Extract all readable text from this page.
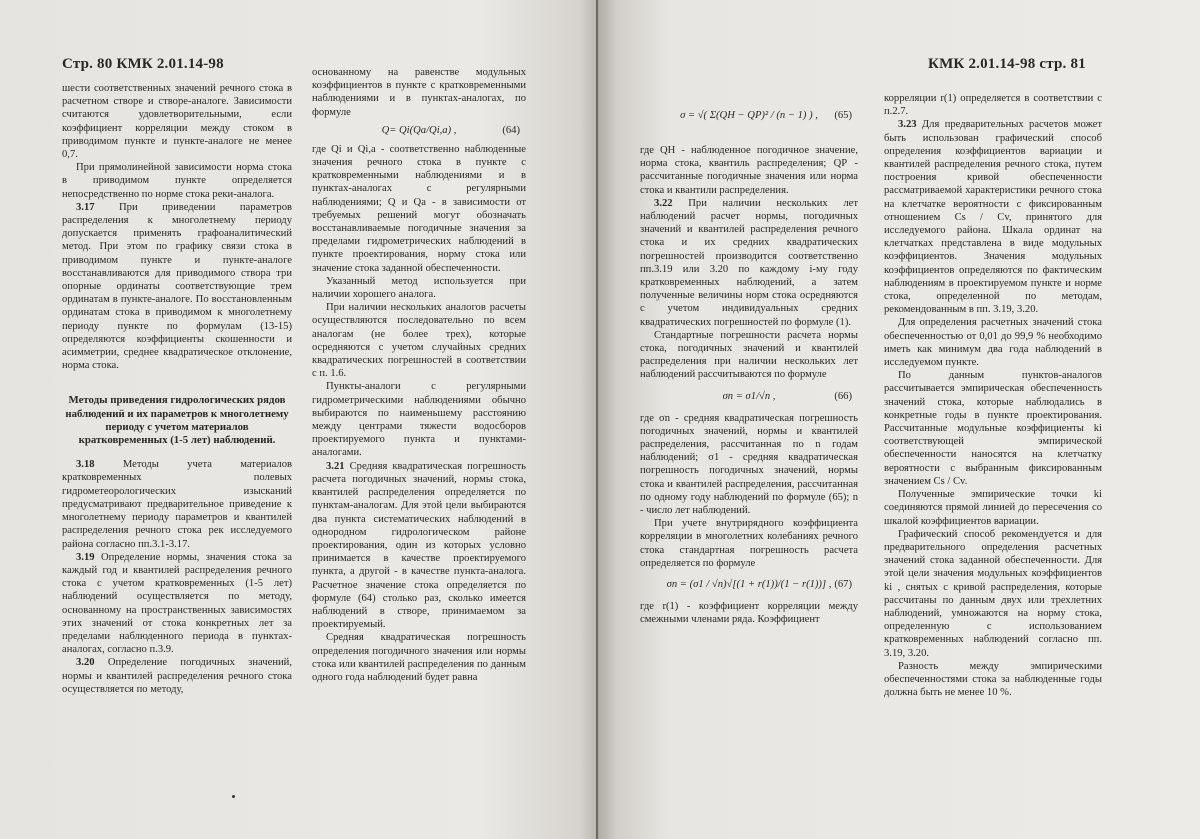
Стр. 80 КМК 2.01.14-98

шести соответственных значений речного стока в расчетном створе и створе-аналоге. Зависимости считаются удовлетворительными, если коэффициент корреляции между стоком в приводимом пункте и пункте-аналоге не менее 0,7.

При прямолинейной зависимости норма стока в приводимом пункте определяется непосредственно по норме стока реки-аналога.

3.17 При приведении параметров распределения к многолетнему периоду допускается применять графоаналитический метод. При этом по графику связи стока в приводимом пункте и пункте-аналоге восстанавливаются для приводимого створа три опорные ординаты соответствующие трем ординатам в пункте-аналоге. По восстановленным ординатам стока в приводимом к многолетнему периоду пункте по формулам (13-15) определяются коэффициенты скошенности и асимметрии, среднее квадратическое отклонение, норма стока.

Методы приведения гидрологических рядов наблюдений и их параметров к многолетнему периоду с учетом материалов кратковременных (1-5 лет) наблюдений.

3.18 Методы учета материалов кратковременных полевых гидрометеорологических изысканий предусматривают предварительное приведение к многолетнему периоду параметров и квантилей распределения речного стока рек исследуемого района согласно пп.3.1-3.17.

3.19 Определение нормы, значения стока за каждый год и квантилей распределения речного стока с учетом кратковременных (1-5 лет) наблюдений осуществляется по методу, основанному на пространственных зависимостях этих значений от стока конкретных лет за пределами наблюденного периода в пунктах-аналогах, согласно п.3.9.

3.20 Определение погодичных значений, нормы и квантилей распределения речного стока осуществляется по методу,

основанному на равенстве модульных коэффициентов в пункте с кратковременными наблюдениями и в пунктах-аналогах, по формуле

Q= Qi(Qa/Qi,a) ,	(64)

где Qi и Qi,a - соответственно наблюденные значения речного стока в пункте с кратковременными наблюдениями и в пунктах-аналогах с регулярными наблюдениями; Q и Qa - в зависимости от требуемых решений могут обозначать восстанавливаемые погодичные значения за пределами гидрометрических наблюдений в пункте проектирования, норму стока или значение стока заданной обеспеченности.

Указанный метод используется при наличии хорошего аналога.

При наличии нескольких аналогов расчеты осуществляются последовательно по всем аналогам (не более трех), которые осредняются с учетом случайных средних квадратических погрешностей в соответствии с п. 1.6.

Пункты-аналоги с регулярными гидрометрическими наблюдениями обычно выбираются по наименьшему расстоянию между центрами тяжести водосборов проектируемого пункта и пунктами-аналогами.

3.21 Средняя квадратическая погрешность расчета погодичных значений, нормы стока, квантилей распределения определяется по пунктам-аналогам. Для этой цели выбираются два пункта систематических наблюдений в однородном гидрологическом районе проектирования, один из которых условно принимается в качестве проектируемого пункта, а другой - в качестве пункта-аналога. Расчетное значение стока определяется по формуле (64) столько раз, сколько имеется наблюдений в створе, принимаемом за проектируемый.

Средняя квадратическая погрешность определения погодичного значения или нормы стока или квантилей распределения по данным одного года наблюдений будет равна

КМК 2.01.14-98 стр. 81
σ = √( Σ(QН − QР)² / (n − 1) ) , (65)

где QН - наблюденное погодичное значение, норма стока, квантиль распределения; QР - рассчитанные погодичные значения или норма стока и квантили распределения.

3.22 При наличии нескольких лет наблюдений расчет нормы, погодичных значений и квантилей распределения речного стока и их средних квадратических погрешностей производится соответственно пп.3.19 или 3.20 по каждому i-му году кратковременных наблюдений, а затем полученные величины норм стока осредняются с учетом индивидуальных средних квадратических погрешностей по формуле (1).

Стандартные погрешности расчета нормы стока, погодичных значений и квантилей распределения при наличии нескольких лет наблюдений рассчитываются по формуле

σn = σ1/√n ,	(66)

где σn - средняя квадратическая погрешность погодичных значений, нормы и квантилей распределения, рассчитанная по n годам наблюдений; σ1 - средняя квадратическая погрешность погодичных значений, нормы стока и квантилей распределения, рассчитанная по одному году наблюдений по формуле (65); n - число лет наблюдений.

При учете внутрирядного коэффициента корреляции в многолетних колебаниях речного стока стандартная погрешность расчета определяется по формуле

σn = (σ1 / √n)√[(1 + r(1))/(1 − r(1))] , (67)

где r(1) - коэффициент корреляции между смежными членами ряда. Коэффициент

корреляции r(1) определяется в соответствии с п.2.7.

3.23 Для предварительных расчетов может быть использован графический способ определения коэффициентов вариации и квантилей распределения речного стока, путем построения кривой обеспеченности рассматриваемой характеристики речного стока на клетчатке вероятности с фиксированным отношением Cs / Cv, принятого для исследуемого района. Шкала ординат на клетчатках представлена в виде модульных коэффициентов. Значения модульных коэффициентов определяются по фактическим наблюдениям в проектируемом пункте и норме стока, определенной по методам, рекомендованным в пп. 3.19, 3.20.

Для определения расчетных значений стока обеспеченностью от 0,01 до 99,9 % необходимо иметь как минимум два года наблюдений в исследуемом пункте.

По данным пунктов-аналогов рассчитывается эмпирическая обеспеченность значений стока, которые наблюдались в конкретные годы в пункте проектирования. Рассчитанные модульные коэффициенты ki соответствующей эмпирической обеспеченности наносятся на клетчатку вероятности с выбранным фиксированным значением Cs / Cv.

Полученные эмпирические точки ki соединяются прямой линией до пересечения со шкалой коэффициентов вариации.

Графический способ рекомендуется и для предварительного определения расчетных значений стока заданной обеспеченности. Для этой цели значения модульных коэффициентов ki , снятых с кривой распределения, которые рассчитаны по данным двух или трехлетних наблюдений, умножаются на норму стока, определенную с использованием кратковременных наблюдений согласно пп. 3.19, 3.20.

Разность между эмпирическими обеспеченностями стока за наблюденные годы должна быть не менее 10 %.
